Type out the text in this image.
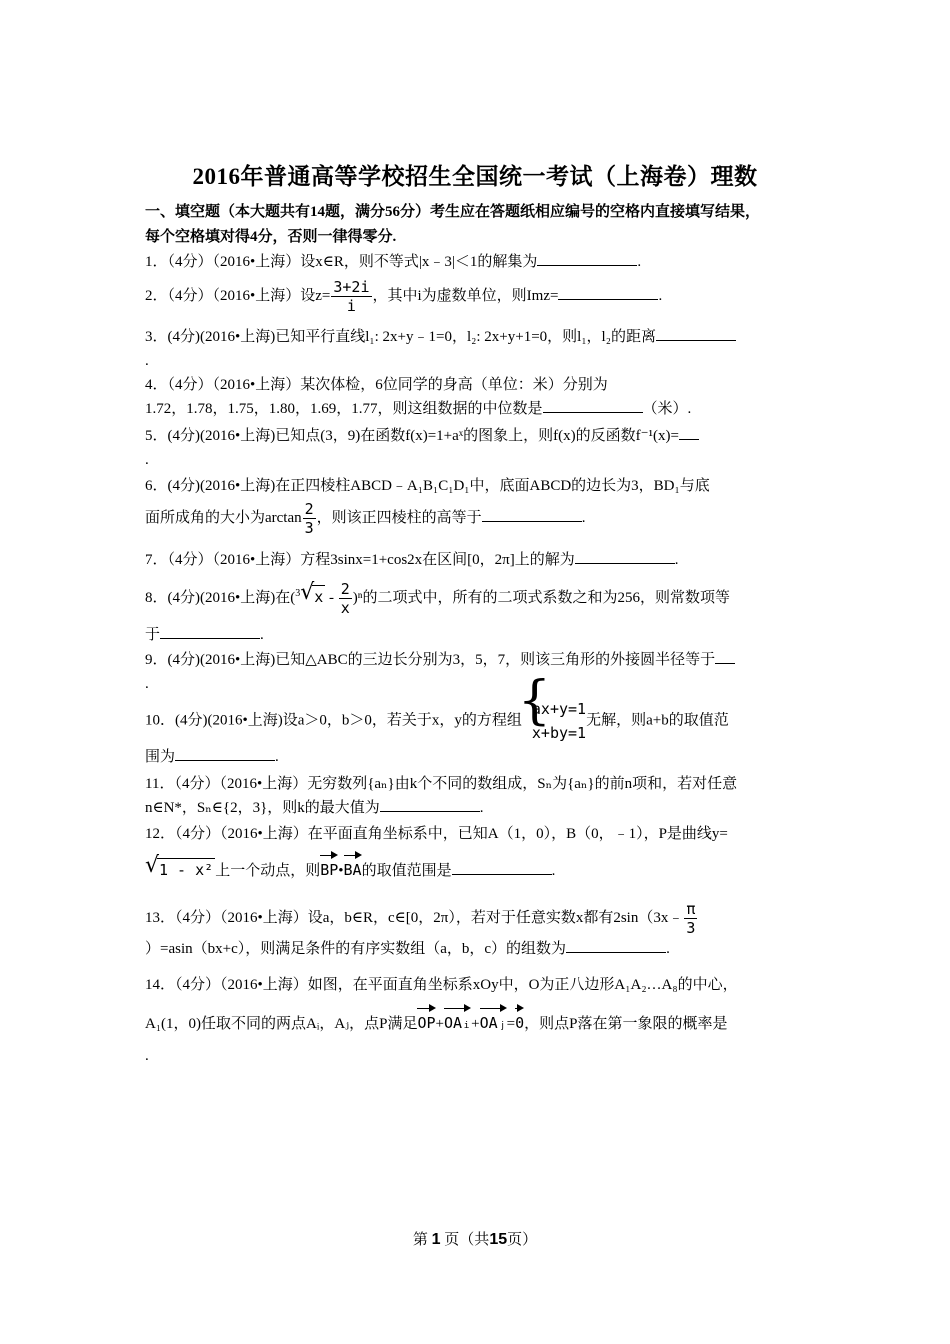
2016年普通高等学校招生全国统一考试（上海卷）理数
一、填空题（本大题共有14题，满分56分）考生应在答题纸相应编号的空格内直接填写结果，
每个空格填对得4分，否则一律得零分.
1．（4分）（2016•上海）设x∈R，则不等式|x﹣3|＜1的解集为	.
2．（4分）（2016•上海）设$z= \frac{3+2i}{i}$ ，其中i为虚数单位，则Imz=	.
3．(4分)(2016•上海)已知平行直线l₁: 2x+y﹣1=0，l₂: 2x+y+1=0，则l₁，l₂的距离
.
4．（4分）（2016•上海）某次体检，6位同学的身高（单位：米）分别为
1.72，1.78，1.75，1.80，1.69，1.77，则这组数据的中位数是	（米）.
5．(4分)(2016•上海)已知点(3，9)在函数f(x)=1+aˣ的图象上，则f(x)的反函数f⁻¹(x)=
.
6．(4分)(2016•上海)在正四棱柱ABCD﹣A₁B₁C₁D₁中，底面ABCD的边长为3，BD₁与底
面所成角的大小为$\arctan \frac{2}{3}$ ，则该正四棱柱的高等于	.
7．（4分）（2016•上海）方程3sinx=1+cos2x在区间[0，2π]上的解为	.
8．(4分)(2016•上海)在($^3$ √ x - $\frac{2}{x} )^n$的二项式中，所有的二项式系数之和为256，则常数项等
于	.
9．(4分)(2016•上海)已知△ABC的三边长分别为3，5，7，则该三角形的外接圆半径等于
.
10．(4分)(2016•上海)设a＞0，b＞0，若关于x，y的方程组
{ ax+y=1
x+by=1
无解，则a+b的取值范
围为	.
11．（4分）（2016•上海）无穷数列{aₙ}由k个不同的数组成，Sₙ为{aₙ}的前n项和，若对任意
n∈N*，Sₙ∈{2，3}，则k的最大值为	.
12．（4分）（2016•上海）在平面直角坐标系中，已知A（1，0），B（0，﹣1），P是曲线y=
√ 1 - x² 上一个动点，则BP•BA的取值范围是	.
13．（4分）（2016•上海）设a，b∈R，c∈[0，2π），若对于任意实数x都有2sin（3x﹣ $\frac{\pi}{3}$
）=asin（bx+c），则满足条件的有序实数组（a，b，c）的组数为	.
14．（4分）（2016•上海）如图，在平面直角坐标系xOy中，O为正八边形A₁A₂…A₈的中心，
A₁(1，0)任取不同的两点Aᵢ，Aⱼ，点P满足OP+OAᵢ+OAⱼ=0，则点P落在第一象限的概率是
.
第 1 页（共15页）
